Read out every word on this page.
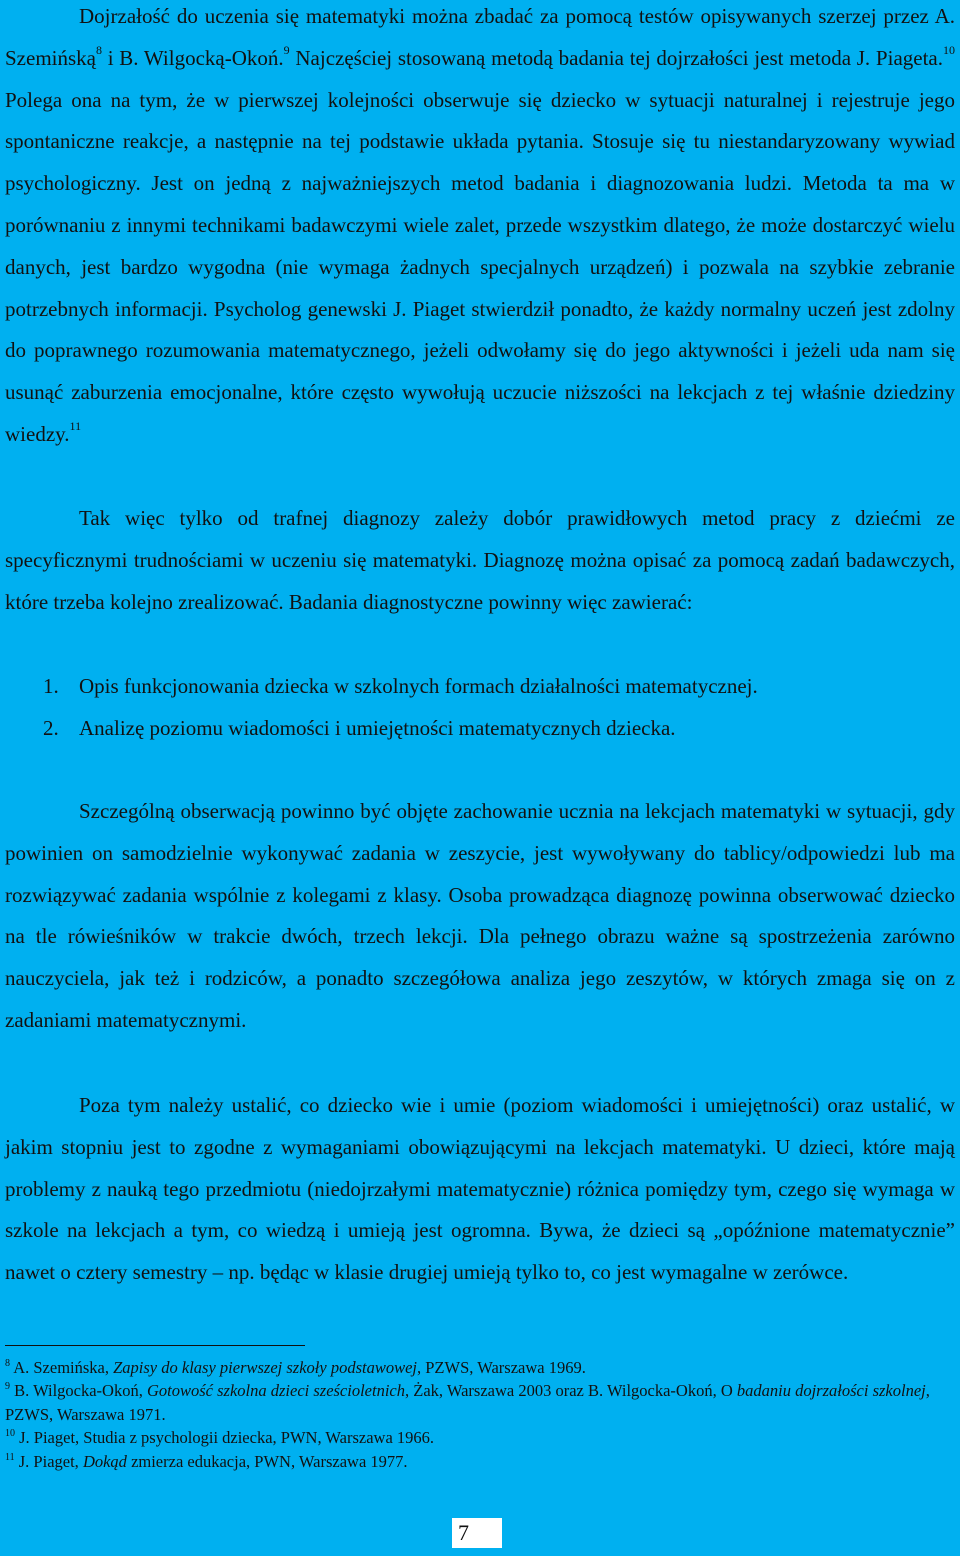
Dojrzałość do uczenia się matematyki można zbadać za pomocą testów opisywanych szerzej przez A. Szemińską$^8$ i B. Wilgocką-Okoń.$^9$ Najczęściej stosowaną metodą badania tej dojrzałości jest metoda J. Piageta.$^{10}$ Polega ona na tym, że w pierwszej kolejności obserwuje się dziecko w sytuacji naturalnej i rejestruje jego spontaniczne reakcje, a następnie na tej podstawie układa pytania. Stosuje się tu niestandaryzowany wywiad psychologiczny. Jest on jedną z najważniejszych metod badania i diagnozowania ludzi. Metoda ta ma w porównaniu z innymi technikami badawczymi wiele zalet, przede wszystkim dlatego, że może dostarczyć wielu danych, jest bardzo wygodna (nie wymaga żadnych specjalnych urządzeń) i pozwala na szybkie zebranie potrzebnych informacji. Psycholog genewski J. Piaget stwierdził ponadto, że każdy normalny uczeń jest zdolny do poprawnego rozumowania matematycznego, jeżeli odwołamy się do jego aktywności i jeżeli uda nam się usunąć zaburzenia emocjonalne, które często wywołują uczucie niższości na lekcjach z tej właśnie dziedziny wiedzy.$^{11}$

Tak więc tylko od trafnej diagnozy zależy dobór prawidłowych metod pracy z dziećmi ze specyficznymi trudnościami w uczeniu się matematyki. Diagnozę można opisać za pomocą zadań badawczych, które trzeba kolejno zrealizować. Badania diagnostyczne powinny więc zawierać:

1. Opis funkcjonowania dziecka w szkolnych formach działalności matematycznej.
2. Analizę poziomu wiadomości i umiejętności matematycznych dziecka.

Szczególną obserwacją powinno być objęte zachowanie ucznia na lekcjach matematyki w sytuacji, gdy powinien on samodzielnie wykonywać zadania w zeszycie, jest wywoływany do tablicy/odpowiedzi lub ma rozwiązywać zadania wspólnie z kolegami z klasy. Osoba prowadząca diagnozę powinna obserwować dziecko na tle rówieśników w trakcie dwóch, trzech lekcji. Dla pełnego obrazu ważne są spostrzeżenia zarówno nauczyciela, jak też i rodziców, a ponadto szczegółowa analiza jego zeszytów, w których zmaga się on z zadaniami matematycznymi.

Poza tym należy ustalić, co dziecko wie i umie (poziom wiadomości i umiejętności) oraz ustalić, w jakim stopniu jest to zgodne z wymaganiami obowiązującymi na lekcjach matematyki. U dzieci, które mają problemy z nauką tego przedmiotu (niedojrzałymi matematycznie) różnica pomiędzy tym, czego się wymaga w szkole na lekcjach a tym, co wiedzą i umieją jest ogromna. Bywa, że dzieci są „opóźnione matematycznie” nawet o cztery semestry – np. będąc w klasie drugiej umieją tylko to, co jest wymagalne w zerówce.

$^8$ A. Szemińska, Zapisy do klasy pierwszej szkoły podstawowej, PZWS, Warszawa 1969.

$^9$ B. Wilgocka-Okoń, Gotowość szkolna dzieci sześcioletnich, Żak, Warszawa 2003 oraz B. Wilgocka-Okoń, O badaniu dojrzałości szkolnej, PZWS, Warszawa 1971.

$^{10}$ J. Piaget, Studia z psychologii dziecka, PWN, Warszawa 1966.

$^{11}$ J. Piaget, Dokąd zmierza edukacja, PWN, Warszawa 1977.

7
